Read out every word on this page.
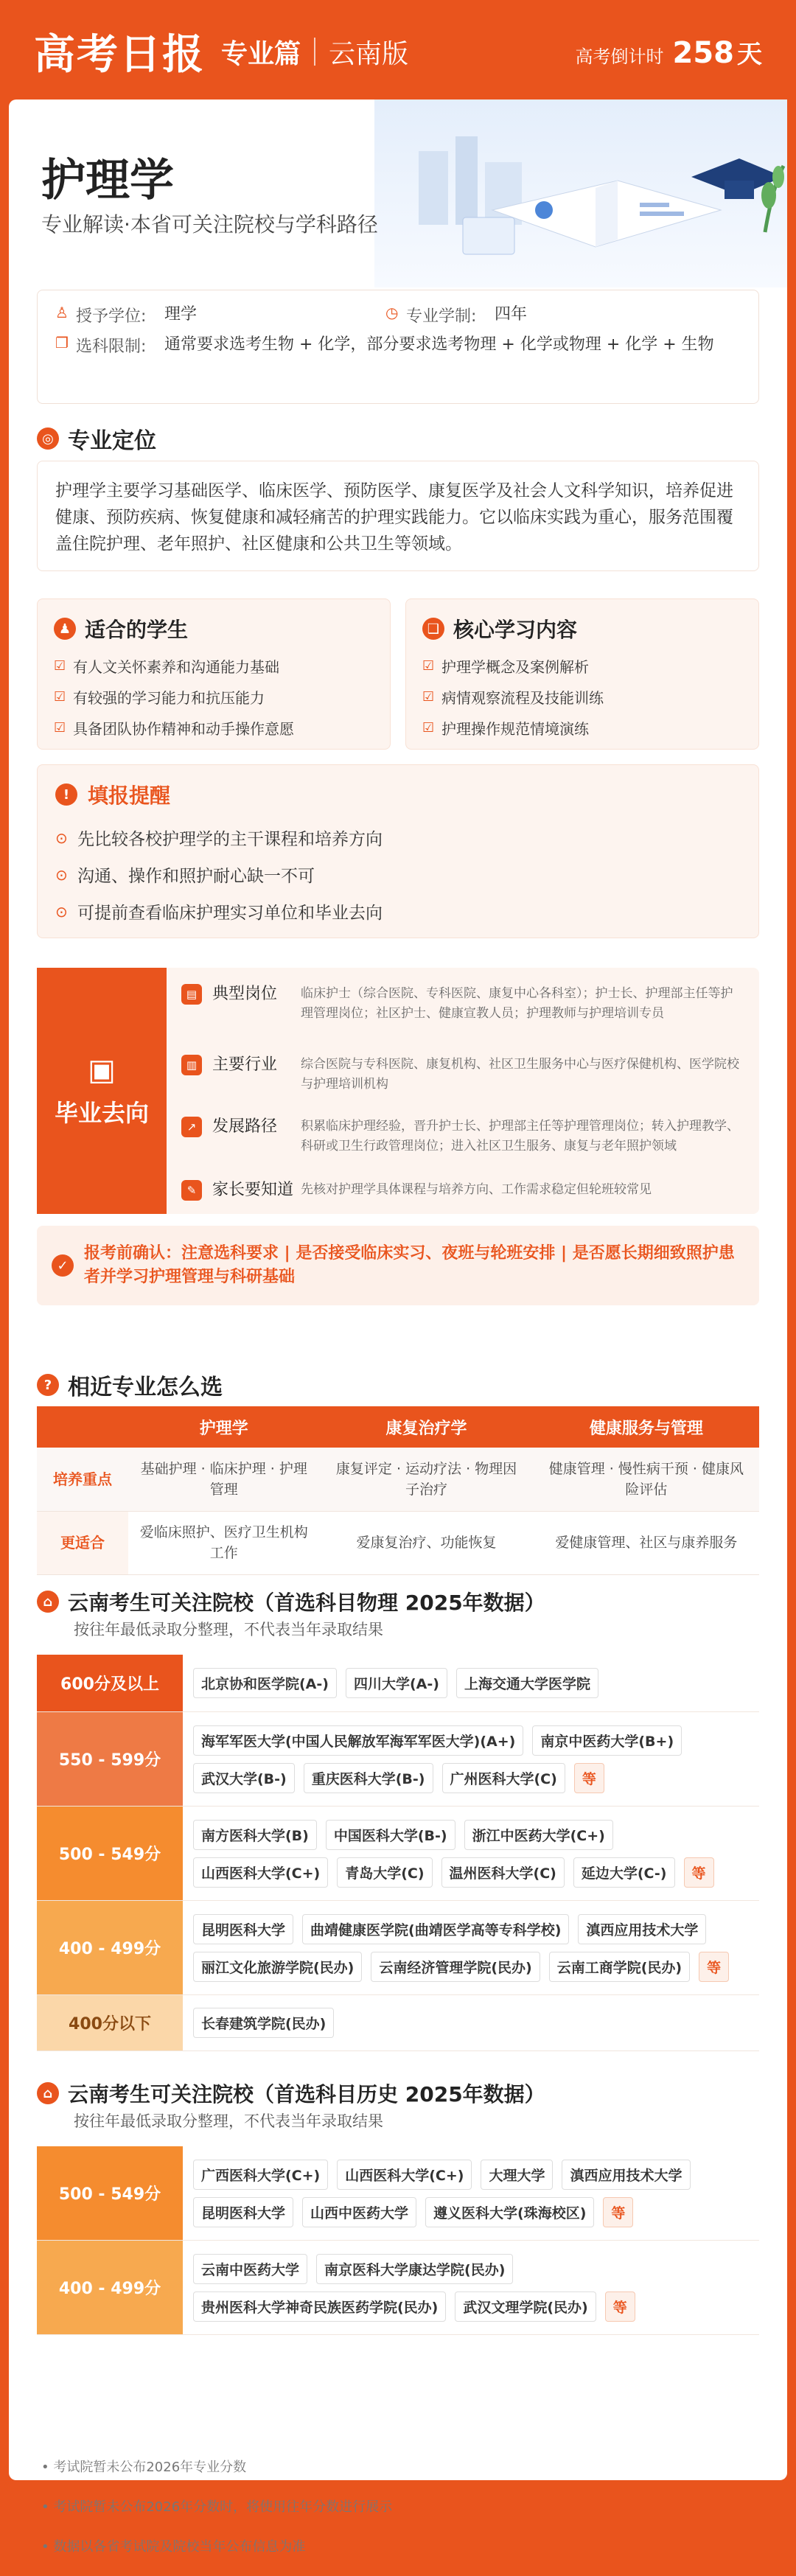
高考日报 专业篇 云南版	高考倒计时 258 天
护理学
专业解读·本省可关注院校与学科路径
♙ 授予学位:	理学	◷ 专业学制:	四年
❐ 选科限制:	通常要求选考生物 + 化学，部分要求选考物理 + 化学或物理 + 化学 + 生物
◎ 专业定位
护理学主要学习基础医学、临床医学、预防医学、康复医学及社会人文科学知识，培养促进健康、预防疾病、恢复健康和减轻痛苦的护理实践能力。它以临床实践为重心，服务范围覆盖住院护理、老年照护、社区健康和公共卫生等领域。
♟ 适合的学生
☑ 有人文关怀素养和沟通能力基础
☑ 有较强的学习能力和抗压能力
☑ 具备团队协作精神和动手操作意愿
❑ 核心学习内容
☑ 护理学概念及案例解析
☑ 病情观察流程及技能训练
☑ 护理操作规范情境演练
! 填报提醒
⊙ 先比较各校护理学的主干课程和培养方向
⊙ 沟通、操作和照护耐心缺一不可
⊙ 可提前查看临床护理实习单位和毕业去向
▣
毕业去向
▤ 典型岗位	临床护士（综合医院、专科医院、康复中心各科室）；护士长、护理部主任等护理管理岗位；社区护士、健康宣教人员；护理教师与护理培训专员
▥ 主要行业	综合医院与专科医院、康复机构、社区卫生服务中心与医疗保健机构、医学院校与护理培训机构
↗ 发展路径	积累临床护理经验，晋升护士长、护理部主任等护理管理岗位；转入护理教学、科研或卫生行政管理岗位；进入社区卫生服务、康复与老年照护领域
✎ 家长要知道 先核对护理学具体课程与培养方向、工作需求稳定但轮班较常见
✓
报考前确认：注意选科要求 | 是否接受临床实习、夜班与轮班安排 | 是否愿长期细致照护患者并学习护理管理与科研基础
? 相近专业怎么选
	护理学	康复治疗学	健康服务与管理
培养重点	基础护理 · 临床护理 · 护理管理	康复评定 · 运动疗法 · 物理因子治疗	健康管理 · 慢性病干预 · 健康风险评估
更适合	爱临床照护、医疗卫生机构工作	爱康复治疗、功能恢复	爱健康管理、社区与康养服务
⌂ 云南考生可关注院校（首选科目物理 2025年数据）
按往年最低录取分整理，不代表当年录取结果
600分及以上	北京协和医学院(A-)	四川大学(A-)	上海交通大学医学院
550 - 599分
海军军医大学(中国人民解放军海军军医大学)(A+)	南京中医药大学(B+)
武汉大学(B-)	重庆医科大学(B-)	广州医科大学(C)	等
500 - 549分
南方医科大学(B)	中国医科大学(B-)	浙江中医药大学(C+)
山西医科大学(C+)	青岛大学(C)	温州医科大学(C)	延边大学(C-)	等
400 - 499分
昆明医科大学	曲靖健康医学院(曲靖医学高等专科学校)	滇西应用技术大学
丽江文化旅游学院(民办)	云南经济管理学院(民办)	云南工商学院(民办)	等
400分以下	长春建筑学院(民办)
⌂ 云南考生可关注院校（首选科目历史 2025年数据）
按往年最低录取分整理，不代表当年录取结果
500 - 549分
广西医科大学(C+)	山西医科大学(C+)	大理大学	滇西应用技术大学
昆明医科大学	山西中医药大学	遵义医科大学(珠海校区)	等
400 - 499分
云南中医药大学	南京医科大学康达学院(民办)
贵州医科大学神奇民族医药学院(民办)	武汉文理学院(民办)	等
• 考试院暂未公布2026年专业分数
• 考试院暂未公布2026年分数时，将使用往年分数进行展示
• 数据以各省考试院及院校当年公布信息为准
